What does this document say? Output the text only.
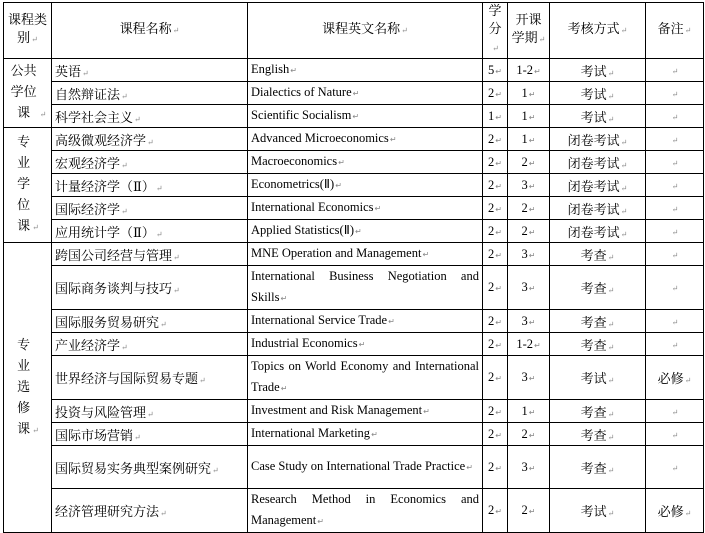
课程类别↵	课程名称↵	课程英文名称↵	学分↵	开课学期↵	考核方式↵	备注↵
公共学位课 ↵	英语↵	English↵	5↵	1-2↵	考试↵	↵
	自然辩证法↵	Dialectics of Nature↵	2↵	1↵	考试↵	↵
	科学社会主义↵	Scientific Socialism↵	1↵	1↵	考试↵	↵
专业学位课 ↵	高级微观经济学↵	Advanced Microeconomics↵	2↵	1↵	闭卷考试↵	↵
	宏观经济学↵	Macroeconomics↵	2↵	2↵	闭卷考试↵	↵
	计量经济学（Ⅱ）↵	Econometrics(Ⅱ)↵	2↵	3↵	闭卷考试↵	↵
	国际经济学↵	International Economics↵	2↵	2↵	闭卷考试↵	↵
	应用统计学（Ⅱ）↵	Applied Statistics(Ⅱ)↵	2↵	2↵	闭卷考试↵	↵
专业选修课 ↵	跨国公司经营与管理↵	MNE Operation and Management↵	2↵	3↵	考查↵	↵
	国际商务谈判与技巧↵	International Business Negotiation and Skills↵	2↵	3↵	考查↵	↵
	国际服务贸易研究↵	International Service Trade↵	2↵	3↵	考查↵	↵
	产业经济学↵	Industrial Economics↵	2↵	1-2↵	考查↵	↵
	世界经济与国际贸易专题↵	Topics on World Economy and International Trade↵	2↵	3↵	考试↵	必修↵
	投资与风险管理↵	Investment and Risk Management↵	2↵	1↵	考查↵	↵
	国际市场营销↵	International Marketing↵	2↵	2↵	考查↵	↵
	国际贸易实务典型案例研究↵	Case Study on International Trade Practice↵	2↵	3↵	考查↵	↵
	经济管理研究方法↵	Research Method in Economics and Management↵	2↵	2↵	考试↵	必修↵
